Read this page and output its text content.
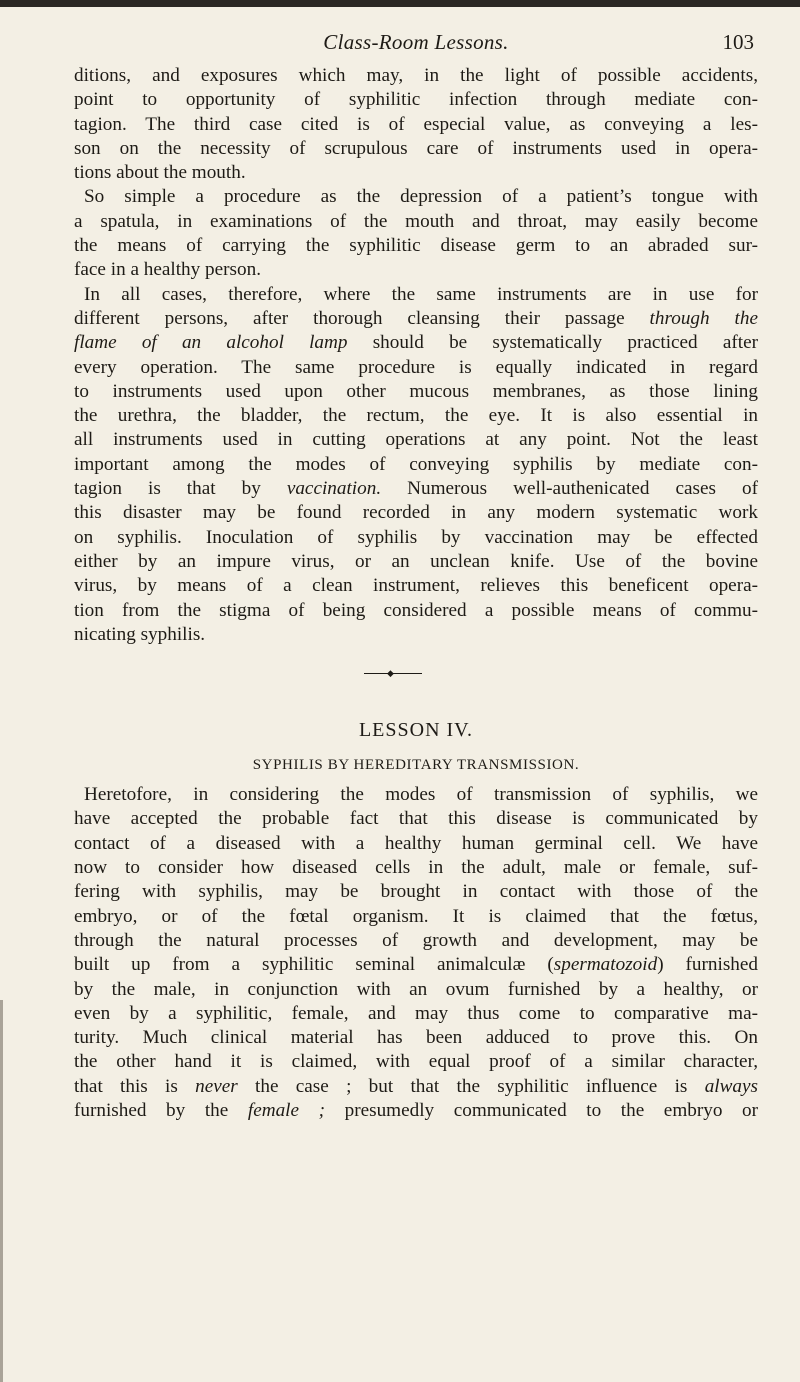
Class-Room Lessons.	103

ditions, and exposures which may, in the light of possible accidents,
point to opportunity of syphilitic infection through mediate con-
tagion. The third case cited is of especial value, as conveying a les-
son on the necessity of scrupulous care of instruments used in opera-
tions about the mouth.

So simple a procedure as the depression of a patient’s tongue with
a spatula, in examinations of the mouth and throat, may easily become
the means of carrying the syphilitic disease germ to an abraded sur-
face in a healthy person.

In all cases, therefore, where the same instruments are in use for
different persons, after thorough cleansing their passage through the
flame of an alcohol lamp should be systematically practiced after
every operation. The same procedure is equally indicated in regard
to instruments used upon other mucous membranes, as those lining
the urethra, the bladder, the rectum, the eye. It is also essential in
all instruments used in cutting operations at any point. Not the least
important among the modes of conveying syphilis by mediate con-
tagion is that by vaccination. Numerous well-authenicated cases of
this disaster may be found recorded in any modern systematic work
on syphilis. Inoculation of syphilis by vaccination may be effected
either by an impure virus, or an unclean knife. Use of the bovine
virus, by means of a clean instrument, relieves this beneficent opera-
tion from the stigma of being considered a possible means of commu-
nicating syphilis.

◆
LESSON IV.
SYPHILIS BY HEREDITARY TRANSMISSION.

Heretofore, in considering the modes of transmission of syphilis, we
have accepted the probable fact that this disease is communicated by
contact of a diseased with a healthy human germinal cell. We have
now to consider how diseased cells in the adult, male or female, suf-
fering with syphilis, may be brought in contact with those of the
embryo, or of the fœtal organism. It is claimed that the fœtus,
through the natural processes of growth and development, may be
built up from a syphilitic seminal animalculæ (spermatozoid) furnished
by the male, in conjunction with an ovum furnished by a healthy, or
even by a syphilitic, female, and may thus come to comparative ma-
turity. Much clinical material has been adduced to prove this. On
the other hand it is claimed, with equal proof of a similar character,
that this is never the case ; but that the syphilitic influence is always
furnished by the female ; presumedly communicated to the embryo or
